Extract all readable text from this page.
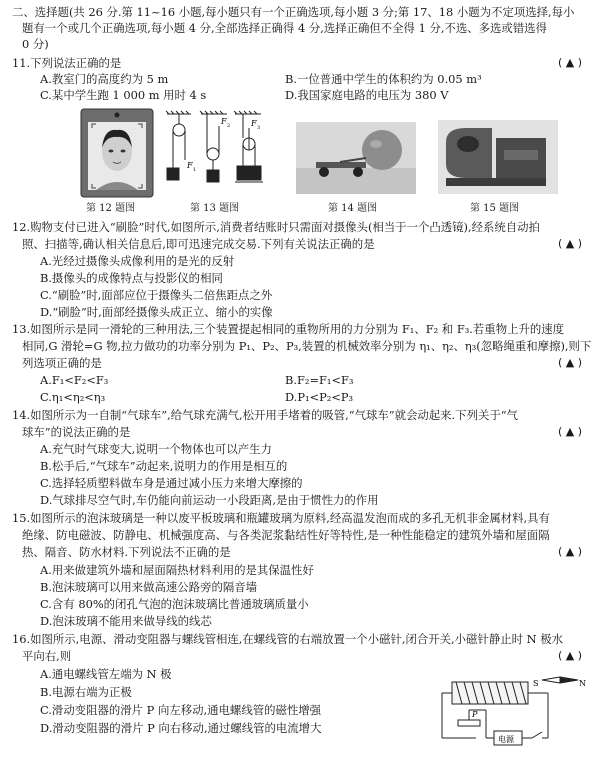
二、选择题(共 26 分.第 11~16 小题,每小题只有一个正确选项,每小题 3 分;第 17、18 小题为不定项选择,每小
题有一个或几个正确选项,每小题 4 分,全部选择正确得 4 分,选择正确但不全得 1 分,不选、多选或错选得
0 分)
11.下列说法正确的是	( ▲ )
A.教室门的高度约为 5 m	B.一位普通中学生的体积约为 0.05 m³
C.某中学生跑 1 000 m 用时 4 s	D.我国家庭电路的电压为 380 V
第 12 题图
F 1
F 2	F 3
第 13 题图	第 14 题图	第 15 题图
12.购物支付已进入“刷脸”时代,如图所示,消费者结账时只需面对摄像头(相当于一个凸透镜),经系统自动拍
照、扫描等,确认相关信息后,即可迅速完成交易.下列有关说法正确的是	( ▲ )
A.光经过摄像头成像利用的是光的反射
B.摄像头的成像特点与投影仪的相同
C.“刷脸”时,面部应位于摄像头二倍焦距点之外
D.“刷脸”时,面部经摄像头成正立、缩小的实像
13.如图所示是同一滑轮的三种用法,三个装置提起相同的重物所用的力分别为 F₁、F₂ 和 F₃.若重物上升的速度
相同,G 滑轮=G 物,拉力做功的功率分别为 P₁、P₂、P₃,装置的机械效率分别为 η₁、η₂、η₃(忽略绳重和摩擦),则下
列选项正确的是	( ▲ )
A.F₁<F₂<F₃	B.F₂=F₁<F₃
C.η₁<η₂<η₃	D.P₁<P₂<P₃
14.如图所示为一自制“气球车”,给气球充满气,松开用手堵着的吸管,“气球车”就会动起来.下列关于“气
球车”的说法正确的是	( ▲ )
A.充气时气球变大,说明一个物体也可以产生力
B.松手后,“气球车”动起来,说明力的作用是相互的
C.选择轻质塑料做车身是通过减小压力来增大摩擦的
D.气球排尽空气时,车仍能向前运动一小段距离,是由于惯性力的作用
15.如图所示的泡沫玻璃是一种以废平板玻璃和瓶罐玻璃为原料,经高温发泡而成的多孔无机非金属材料,具有
绝缘、防电磁波、防静电、机械强度高、与各类泥浆黏结性好等特性,是一种性能稳定的建筑外墙和屋面隔
热、隔音、防水材料.下列说法不正确的是	( ▲ )
A.用来做建筑外墙和屋面隔热材料利用的是其保温性好
B.泡沫玻璃可以用来做高速公路旁的隔音墙
C.含有 80%的闭孔气泡的泡沫玻璃比普通玻璃质量小
D.泡沫玻璃不能用来做导线的线芯
16.如图所示,电源、滑动变阻器与螺线管相连,在螺线管的右端放置一个小磁针,闭合开关,小磁针静止时 N 极水
平向右,则	( ▲ )
A.通电螺线管左端为 N 极
B.电源右端为正极
C.滑动变阻器的滑片 P 向左移动,通电螺线管的磁性增强
D.滑动变阻器的滑片 P 向右移动,通过螺线管的电流增大
S	N
P
电源
